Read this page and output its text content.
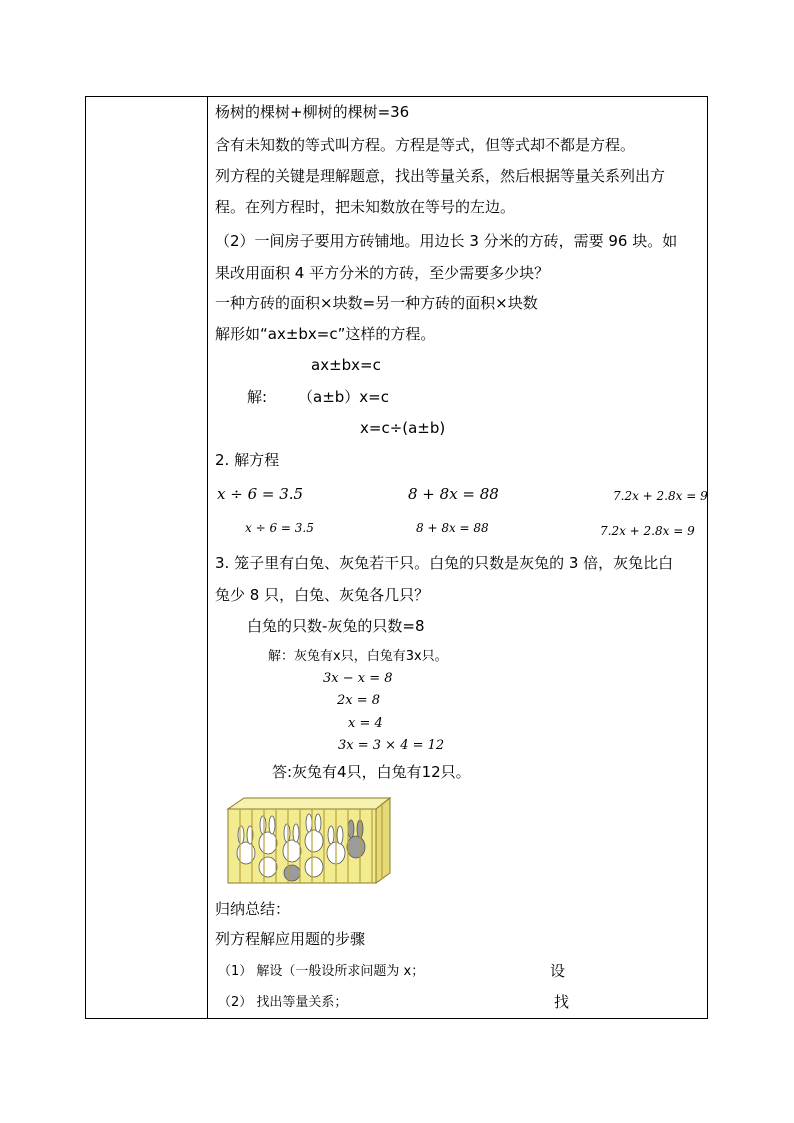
杨树的棵树+柳树的棵树=36
含有未知数的等式叫方程。方程是等式，但等式却不都是方程。
列方程的关键是理解题意，找出等量关系，然后根据等量关系列出方
程。在列方程时，把未知数放在等号的左边。
（2）一间房子要用方砖铺地。用边长 3 分米的方砖，需要 96 块。如
果改用面积 4 平方分米的方砖，至少需要多少块？
一种方砖的面积×块数=另一种方砖的面积×块数
解形如“ax±bx=c”这样的方程。
ax±bx=c
解: （a±b）x=c
x=c÷(a±b)
2. 解方程
x ÷ 6 = 3.5	8 + 8x = 88	7.2x + 2.8x = 9
x ÷ 6 = 3.5	8 + 8x = 88	7.2x + 2.8x = 9
3. 笼子里有白兔、灰兔若干只。白兔的只数是灰兔的 3 倍，灰兔比白
兔少 8 只，白兔、灰兔各几只？
白兔的只数-灰兔的只数=8
解：灰兔有x只，白兔有3x只。
3x − x = 8
2x = 8
x = 4
3x = 3 × 4 = 12
答:灰兔有4只，白兔有12只。
归纳总结：
列方程解应用题的步骤
（1） 解设（一般设所求问题为 x；	设
（2） 找出等量关系；	找
